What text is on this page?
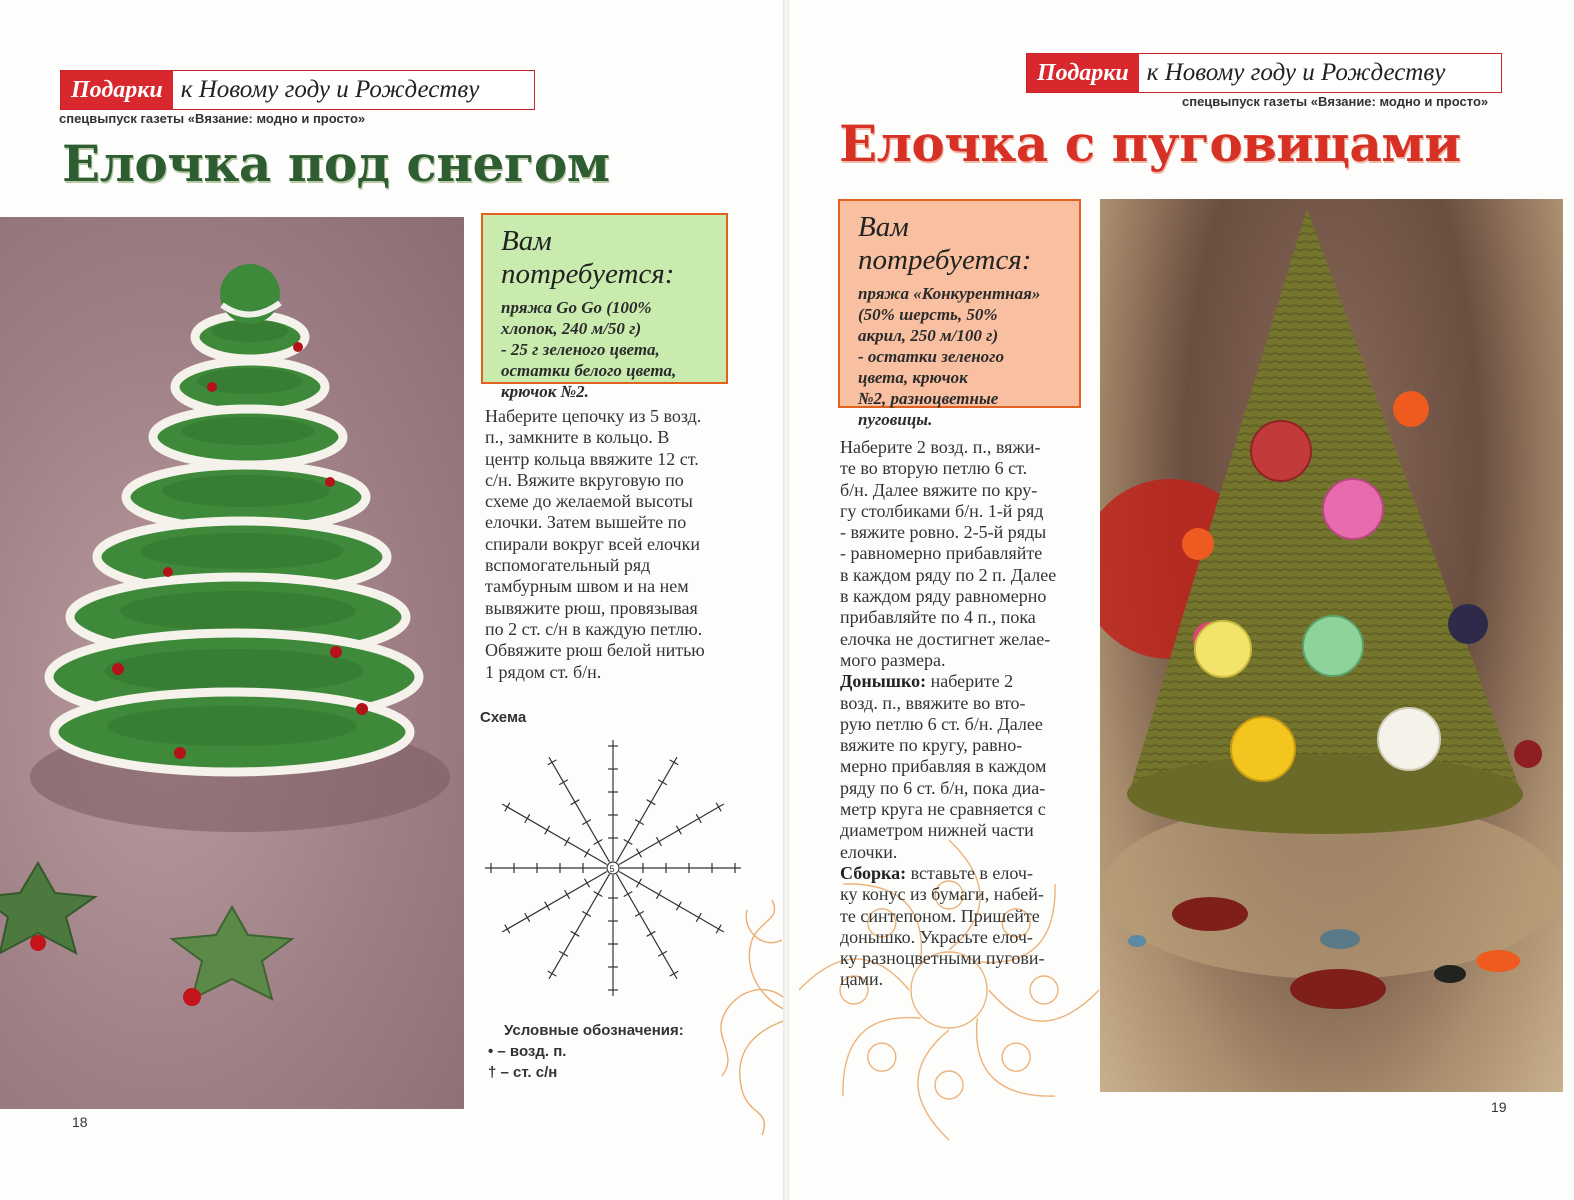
Подарки к Новому году и Рождеству
спецвыпуск газеты «Вязание: модно и просто»
Елочка под снегом
Вам потребуется:
пряжа Go Go (100%
хлопок, 240 м/50 г)
- 25 г зеленого цвета,
остатки белого цвета,
крючок №2.
Наберите цепочку из 5 возд.
п., замкните в кольцо. В
центр кольца ввяжите 12 ст.
с/н. Вяжите вкруговую по
схеме до желаемой высоты
елочки. Затем вышейте по
спирали вокруг всей елочки
вспомогательный ряд
тамбурным швом и на нем
вывяжите рюш, провязывая
по 2 ст. с/н в каждую петлю.
Обвяжите рюш белой нитью
1 рядом ст. б/н.
Схема
5
Условные обозначения:
• – возд. п.
† – ст. с/н
18
Подарки к Новому году и Рождеству
спецвыпуск газеты «Вязание: модно и просто»
Елочка с пуговицами
Вам потребуется:
пряжа «Конкурентная»
(50% шерсть, 50%
акрил, 250 м/100 г)
- остатки зеленого
цвета, крючок
№2, разноцветные
пуговицы.
Наберите 2 возд. п., вяжи-
те во вторую петлю 6 ст.
б/н. Далее вяжите по кру-
гу столбиками б/н. 1-й ряд
- вяжите ровно. 2-5-й ряды
- равномерно прибавляйте
в каждом ряду по 2 п. Далее
в каждом ряду равномерно
прибавляйте по 4 п., пока
елочка не достигнет желае-
мого размера.
Донышко: наберите 2
возд. п., ввяжите во вто-
рую петлю 6 ст. б/н. Далее
вяжите по кругу, равно-
мерно прибавляя в каждом
ряду по 6 ст. б/н, пока диа-
метр круга не сравняется с
диаметром нижней части
елочки.
Сборка: вставьте в елоч-
ку конус из бумаги, набей-
те синтепоном. Пришейте
донышко. Украсьте елоч-
ку разноцветными пугови-
цами.
19
